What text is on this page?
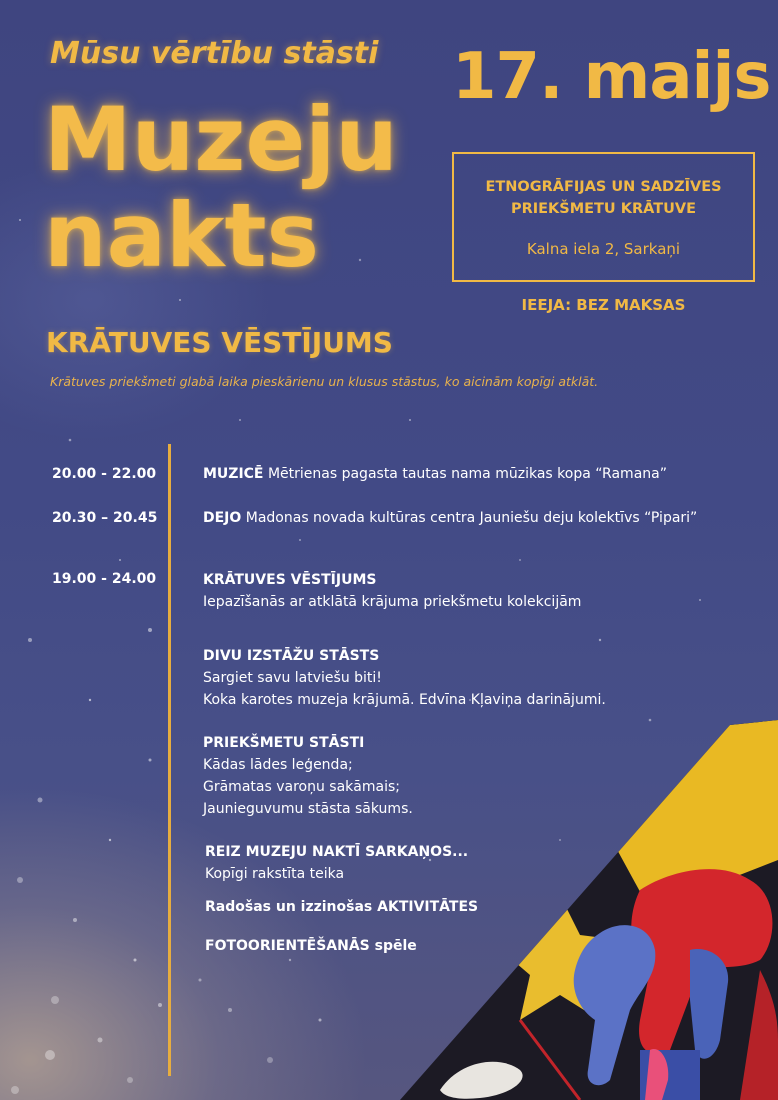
Mūsu vērtību stāsti

Muzeju
nakts
17. maijs
ETNOGRĀFIJAS UN SADZĪVES PRIEKŠMETU KRĀTUVE
Kalna iela 2, Sarkaņi
IEEJA: BEZ MAKSAS
KRĀTUVES VĒSTĪJUMS

Krātuves priekšmeti glabā laika pieskārienu un klusus stāstus, ko aicinām kopīgi atklāt.

20.00 - 22.00	MUZICĒ Mētrienas pagasta tautas nama mūzikas kopa “Ramana”
20.30 – 20.45	DEJO Madonas novada kultūras centra Jauniešu deju kolektīvs “Pipari”
19.00 - 24.00	KRĀTUVES VĒSTĪJUMS
Iepazīšanās ar atklātā krājuma priekšmetu kolekcijām
DIVU IZSTĀŽU STĀSTS
Sargiet savu latviešu biti!
Koka karotes muzeja krājumā. Edvīna Kļaviņa darinājumi.
PRIEKŠMETU STĀSTI
Kādas lādes leģenda;
Grāmatas varoņu sakāmais;
Jaunieguvumu stāsta sākums.
REIZ MUZEJU NAKTĪ SARKAŅOS...
Kopīgi rakstīta teika
Radošas un izzinošas AKTIVITĀTES
FOTOORIENTĒŠANĀS spēle
